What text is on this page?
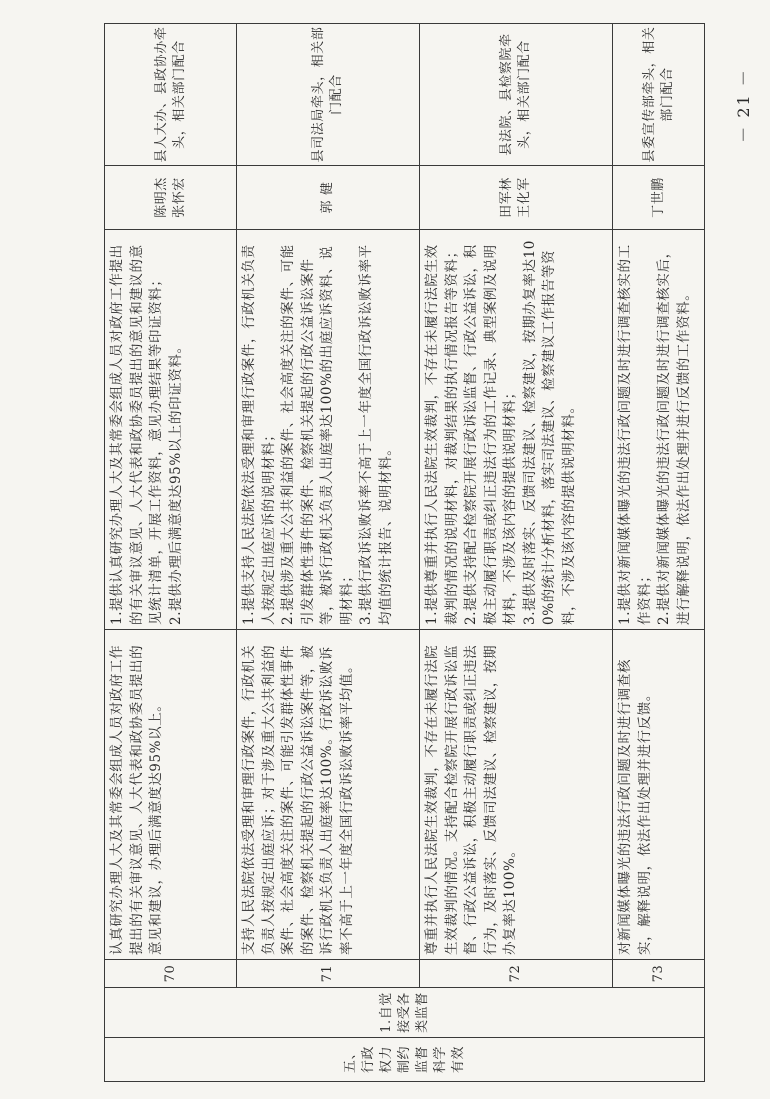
五、行政权力制约监督科学有效	1.自觉接受各类监督	70	认真研究办理人大及其常委会组成人员对政府工作提出的有关审议意见、人大代表和政协委员提出的意见和建议，办理后满意度达95%以上。	1.提供认真研究办理人大及其常委会组成人员对政府工作提出的有关审议意见、人大代表和政协委员提出的意见和建议的意见统计清单，开展工作资料，意见办理结果等印证资料； 2.提供办理后满意度达95%以上的印证资料。	陈明杰 张怀宏	县人大办、县政协办牵头，相关部门配合
		71	支持人民法院依法受理和审理行政案件，行政机关负责人按规定出庭应诉；对于涉及重大公共利益的案件、社会高度关注的案件、可能引发群体性事件的案件、检察机关提起的行政公益诉讼案件等，被诉行政机关负责人出庭率达100%。行政诉讼败诉率不高于上一年度全国行政诉讼败诉率平均值。	1.提供支持人民法院依法受理和审理行政案件，行政机关负责人按规定出庭应诉的说明材料； 2.提供涉及重大公共利益的案件、社会高度关注的案件、可能引发群体性事件的案件、检察机关提起的行政公益诉讼案件等，被诉行政机关负责人出庭率达100%的出庭应诉资料、说明材料； 3.提供行政诉讼败诉率不高于上一年度全国行政诉讼败诉率平均值的统计报告、说明材料。	郭 健	县司法局牵头，相关部门配合
		72	尊重并执行人民法院生效裁判，不存在未履行法院生效裁判的情况。支持配合检察院开展行政诉讼监督、行政公益诉讼，积极主动履行职责或纠正违法行为，及时落实、反馈司法建议、检察建议，按期办复率达100%。	1.提供尊重并执行人民法院生效裁判，不存在未履行法院生效裁判的情况的说明材料，对裁判结果的执行情况报告等资料； 2.提供支持配合检察院开展行政诉讼监督、行政公益诉讼，积极主动履行职责或纠正违法行为的工作记录、典型案例及说明材料，不涉及该内容的提供说明材料； 3.提供及时落实、反馈司法建议、检察建议，按期办复率达100%的统计分析材料，落实司法建议、检察建议工作报告等资料，不涉及该内容的提供说明材料。	田军林 王化军	县法院、县检察院牵头，相关部门配合
		73	对新闻媒体曝光的违法行政问题及时进行调查核实，解释说明，依法作出处理并进行反馈。	1.提供对新闻媒体曝光的违法行政问题及时进行调查核实的工作资料； 2.提供对新闻媒体曝光的违法行政问题及时进行调查核实后，进行解释说明，依法作出处理并进行反馈的工作资料。	丁世鹏	县委宣传部牵头，相关部门配合	－ 21 －
